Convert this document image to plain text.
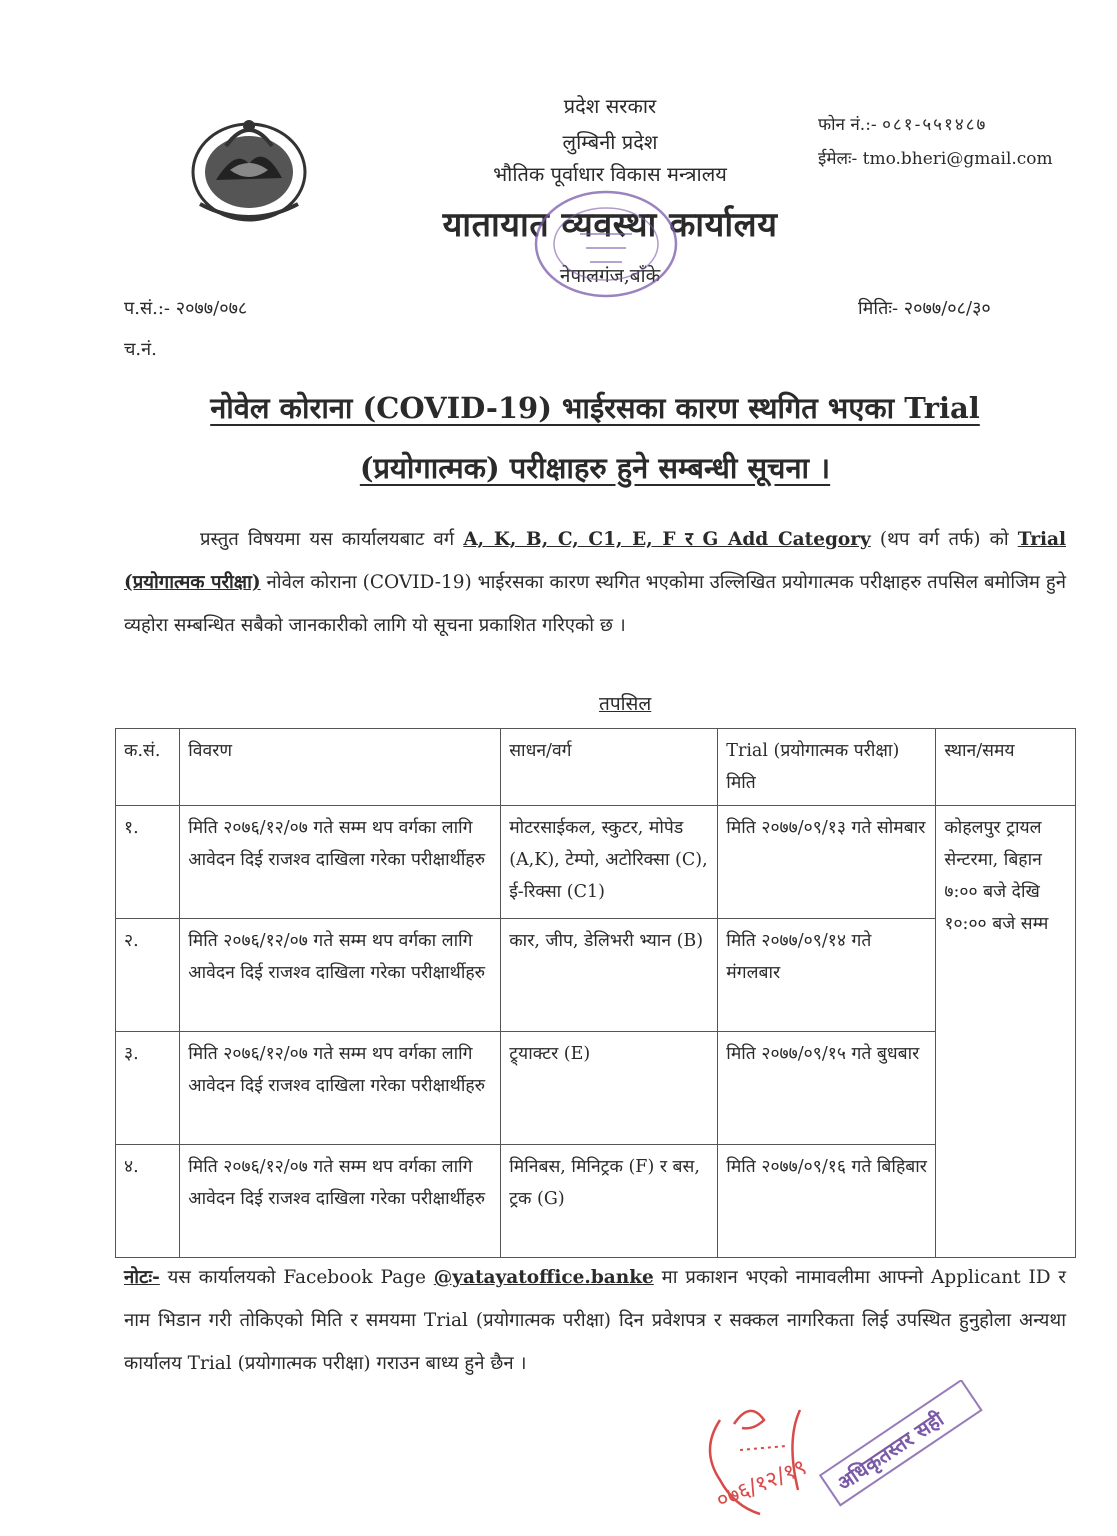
प्रदेश सरकार
लुम्बिनी प्रदेश
भौतिक पूर्वाधार विकास मन्त्रालय
यातायात व्यवस्था कार्यालय
नेपालगंज,बाँके
फोन नं.:- ०८१-५५१४८७
ईमेलः- tmo.bheri@gmail.com
प.सं.:- २०७७/०७८
च.नं.
मितिः- २०७७/०८/३०
नोवेल कोराना (COVID-19) भाईरसका कारण स्थगित भएका Trial
(प्रयोगात्मक) परीक्षाहरु हुने सम्बन्धी सूचना ।
प्रस्तुत विषयमा यस कार्यालयबाट वर्ग A, K, B, C, C1, E, F र G Add Category (थप वर्ग तर्फ) को Trial (प्रयोगात्मक परीक्षा) नोवेल कोराना (COVID-19) भाईरसका कारण स्थगित भएकोमा उल्लिखित प्रयोगात्मक परीक्षाहरु तपसिल बमोजिम हुने व्यहोरा सम्बन्धित सबैको जानकारीको लागि यो सूचना प्रकाशित गरिएको छ ।
तपसिल
क.सं.	विवरण	साधन/वर्ग	Trial (प्रयोगात्मक परीक्षा) मिति	स्थान/समय
१.	मिति २०७६/१२/०७ गते सम्म थप वर्गका लागि आवेदन दिई राजश्व दाखिला गरेका परीक्षार्थीहरु	मोटरसाईकल, स्कुटर, मोपेड (A,K), टेम्पो, अटोरिक्सा (C), ई-रिक्सा (C1)	मिति २०७७/०९/१३ गते सोमबार	कोहलपुर ट्रायल सेन्टरमा, बिहान ७:०० बजे देखि १०:०० बजे सम्म
२.	मिति २०७६/१२/०७ गते सम्म थप वर्गका लागि आवेदन दिई राजश्व दाखिला गरेका परीक्षार्थीहरु	कार, जीप, डेलिभरी भ्यान (B)	मिति २०७७/०९/१४ गते मंगलबार	
३.	मिति २०७६/१२/०७ गते सम्म थप वर्गका लागि आवेदन दिई राजश्व दाखिला गरेका परीक्षार्थीहरु	ट्र्याक्टर (E)	मिति २०७७/०९/१५ गते बुधबार	
४.	मिति २०७६/१२/०७ गते सम्म थप वर्गका लागि आवेदन दिई राजश्व दाखिला गरेका परीक्षार्थीहरु	मिनिबस, मिनिट्रक (F) र बस, ट्रक (G)	मिति २०७७/०९/१६ गते बिहिबार	
नोटः- यस कार्यालयको Facebook Page @yatayatoffice.banke मा प्रकाशन भएको नामावलीमा आफ्नो Applicant ID र नाम भिडान गरी तोकिएको मिति र समयमा Trial (प्रयोगात्मक परीक्षा) दिन प्रवेशपत्र र सक्कल नागरिकता लिई उपस्थित हुनुहोला अन्यथा कार्यालय Trial (प्रयोगात्मक परीक्षा) गराउन बाध्य हुने छैन ।
०७६/१२/१९ अधिकृतस्तर सही
